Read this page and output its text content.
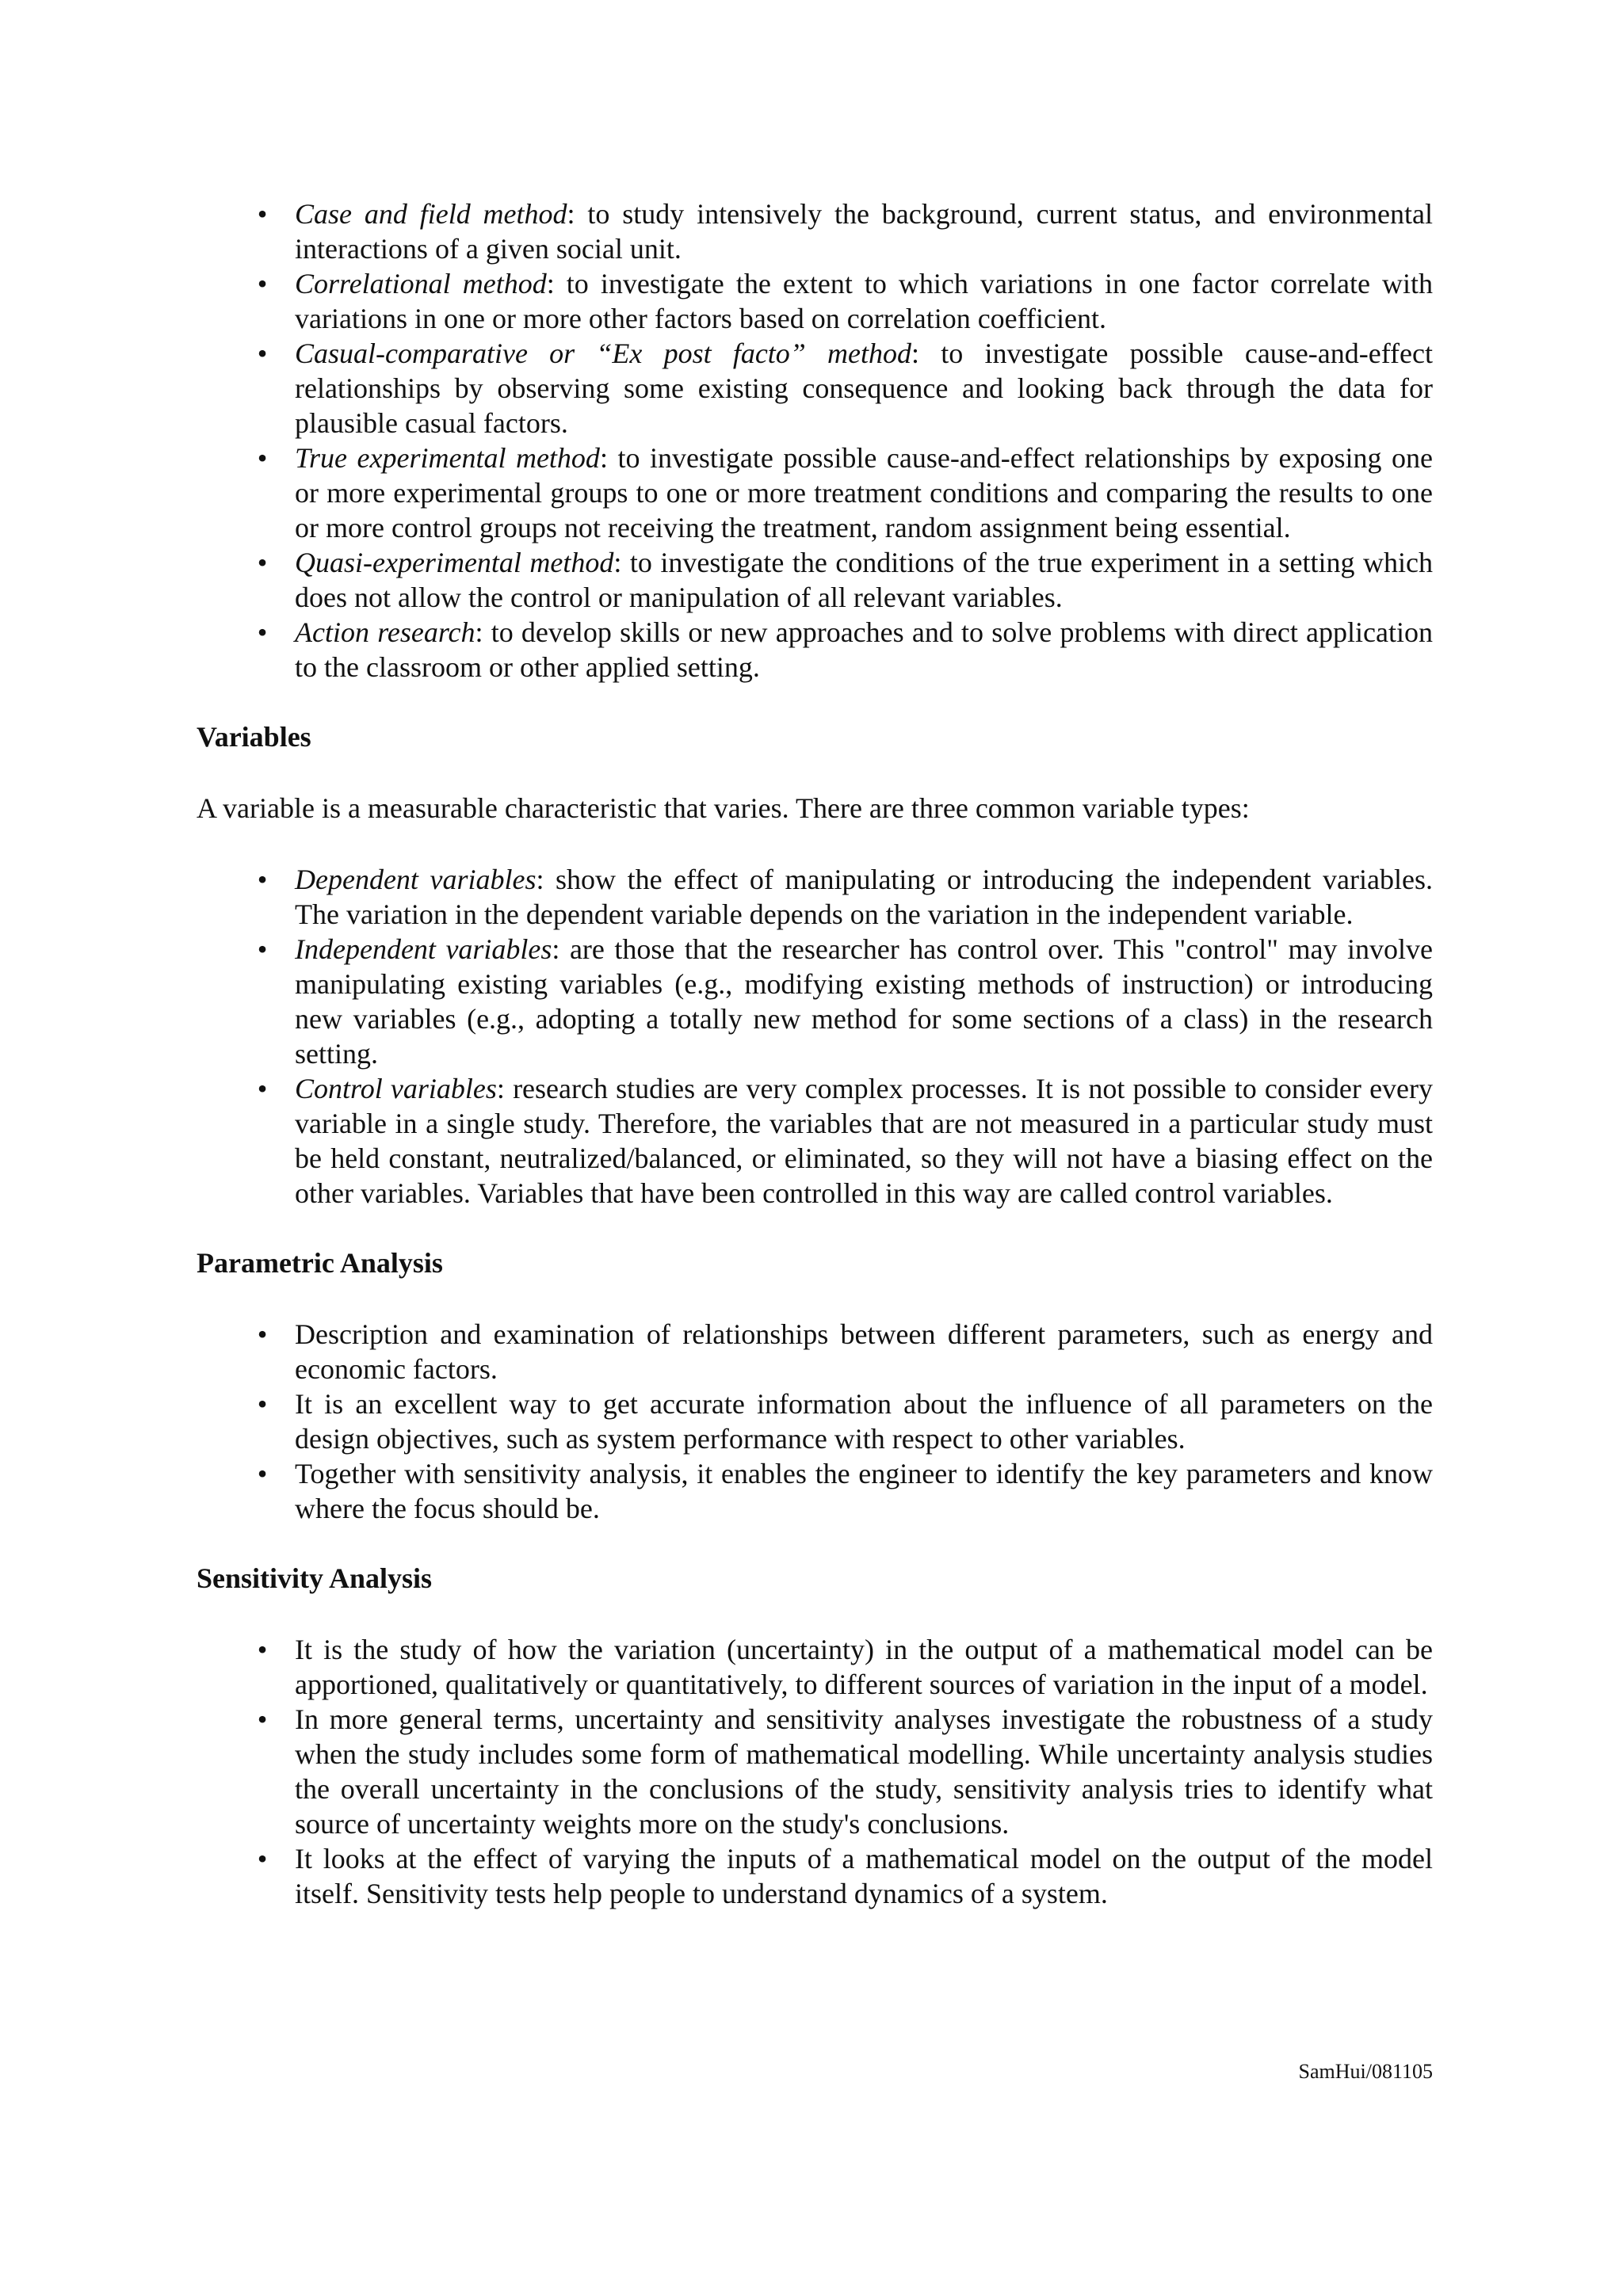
• Case and field method: to study intensively the background, current status, and environmental interactions of a given social unit.
• Correlational method: to investigate the extent to which variations in one factor correlate with variations in one or more other factors based on correlation coefficient.
• Casual-comparative or “Ex post facto” method: to investigate possible cause-and-effect relationships by observing some existing consequence and looking back through the data for plausible casual factors.
• True experimental method: to investigate possible cause-and-effect relationships by exposing one or more experimental groups to one or more treatment conditions and comparing the results to one or more control groups not receiving the treatment, random assignment being essential.
• Quasi-experimental method: to investigate the conditions of the true experiment in a setting which does not allow the control or manipulation of all relevant variables.
• Action research: to develop skills or new approaches and to solve problems with direct application to the classroom or other applied setting.

Variables

A variable is a measurable characteristic that varies. There are three common variable types:

• Dependent variables: show the effect of manipulating or introducing the independent variables. The variation in the dependent variable depends on the variation in the independent variable.
• Independent variables: are those that the researcher has control over. This "control" may involve manipulating existing variables (e.g., modifying existing methods of instruction) or introducing new variables (e.g., adopting a totally new method for some sections of a class) in the research setting.
• Control variables: research studies are very complex processes. It is not possible to consider every variable in a single study. Therefore, the variables that are not measured in a particular study must be held constant, neutralized/balanced, or eliminated, so they will not have a biasing effect on the other variables. Variables that have been controlled in this way are called control variables.

Parametric Analysis

• Description and examination of relationships between different parameters, such as energy and economic factors.
• It is an excellent way to get accurate information about the influence of all parameters on the design objectives, such as system performance with respect to other variables.
• Together with sensitivity analysis, it enables the engineer to identify the key parameters and know where the focus should be.

Sensitivity Analysis

• It is the study of how the variation (uncertainty) in the output of a mathematical model can be apportioned, qualitatively or quantitatively, to different sources of variation in the input of a model.
• In more general terms, uncertainty and sensitivity analyses investigate the robustness of a study when the study includes some form of mathematical modelling. While uncertainty analysis studies the overall uncertainty in the conclusions of the study, sensitivity analysis tries to identify what source of uncertainty weights more on the study's conclusions.
• It looks at the effect of varying the inputs of a mathematical model on the output of the model itself. Sensitivity tests help people to understand dynamics of a system.
SamHui/081105
